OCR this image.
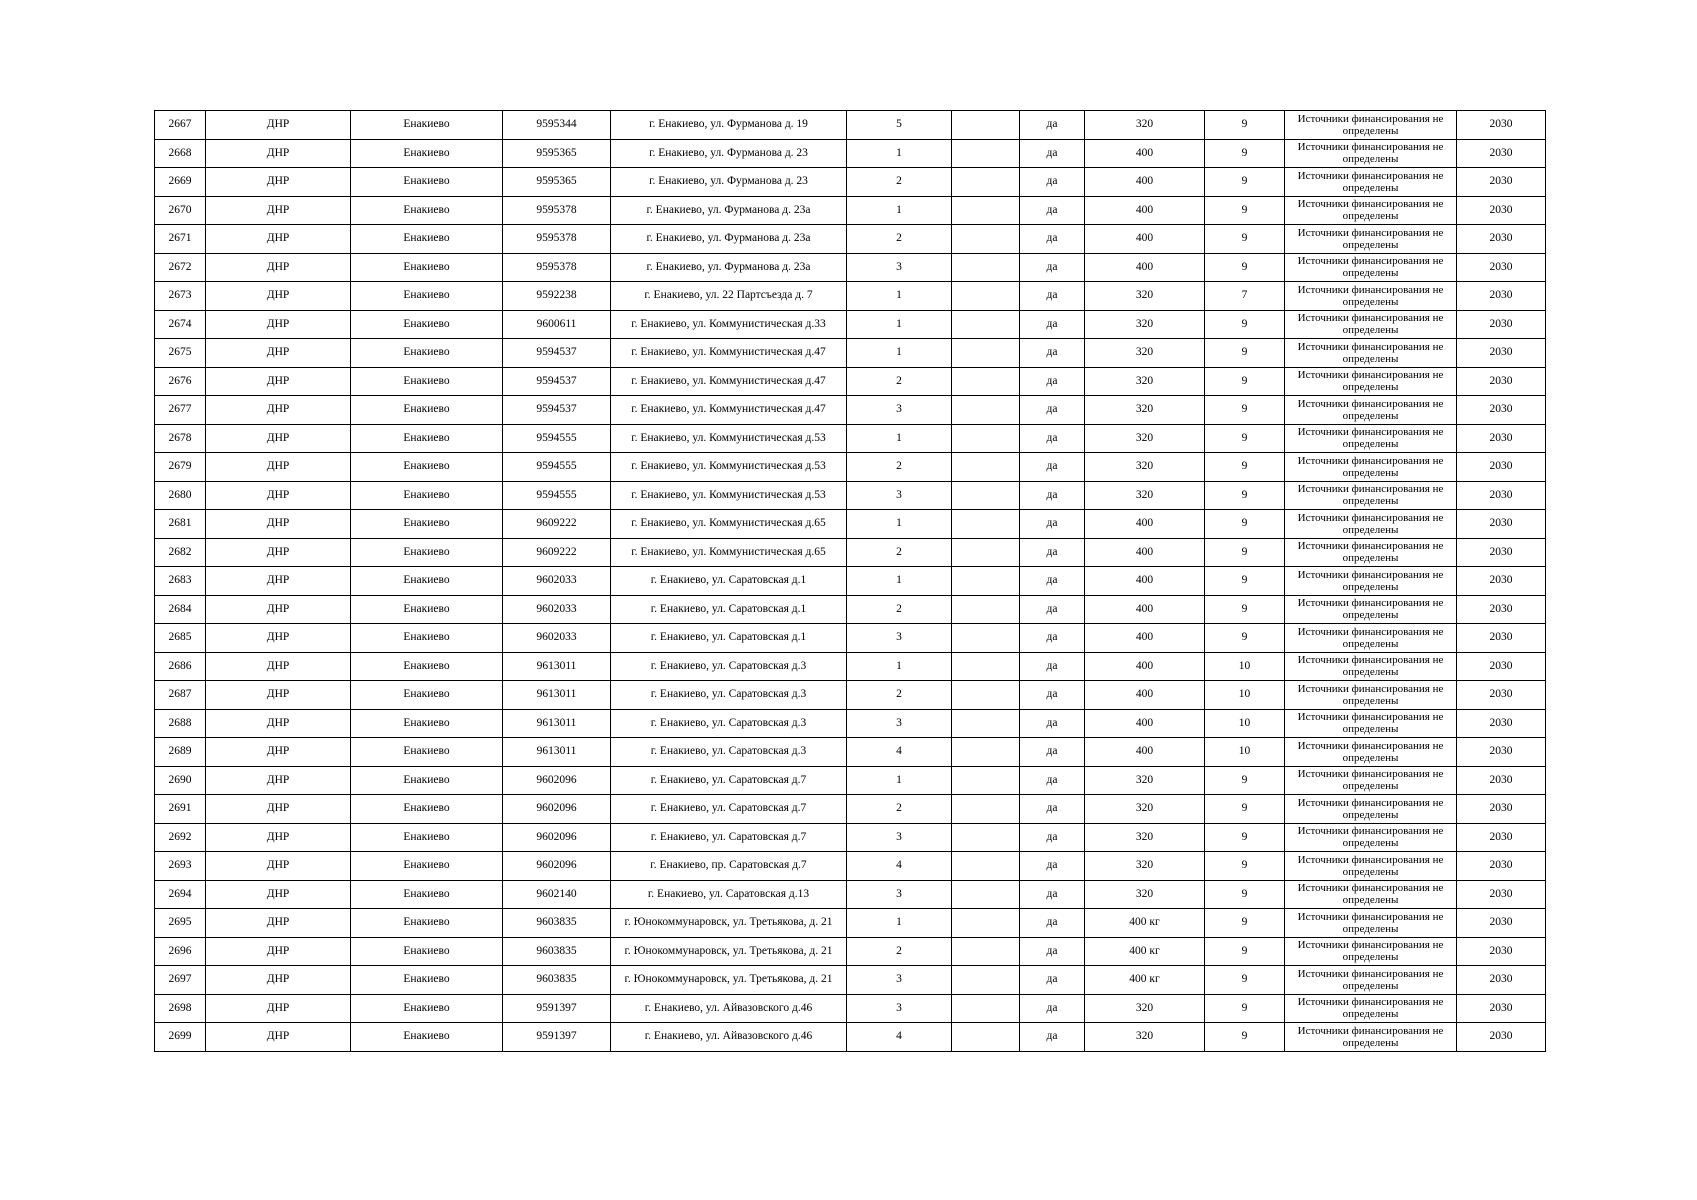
2667	ДНР	Енакиево	9595344	г. Енакиево, ул. Фурманова д. 19	5		да	320	9	Источники финансирования не определены	2030
2668	ДНР	Енакиево	9595365	г. Енакиево, ул. Фурманова д. 23	1		да	400	9	Источники финансирования не определены	2030
2669	ДНР	Енакиево	9595365	г. Енакиево, ул. Фурманова д. 23	2		да	400	9	Источники финансирования не определены	2030
2670	ДНР	Енакиево	9595378	г. Енакиево, ул. Фурманова д. 23а	1		да	400	9	Источники финансирования не определены	2030
2671	ДНР	Енакиево	9595378	г. Енакиево, ул. Фурманова д. 23а	2		да	400	9	Источники финансирования не определены	2030
2672	ДНР	Енакиево	9595378	г. Енакиево, ул. Фурманова д. 23а	3		да	400	9	Источники финансирования не определены	2030
2673	ДНР	Енакиево	9592238	г. Енакиево, ул. 22 Партсъезда д. 7	1		да	320	7	Источники финансирования не определены	2030
2674	ДНР	Енакиево	9600611	г. Енакиево, ул. Коммунистическая д.33	1		да	320	9	Источники финансирования не определены	2030
2675	ДНР	Енакиево	9594537	г. Енакиево, ул. Коммунистическая д.47	1		да	320	9	Источники финансирования не определены	2030
2676	ДНР	Енакиево	9594537	г. Енакиево, ул. Коммунистическая д.47	2		да	320	9	Источники финансирования не определены	2030
2677	ДНР	Енакиево	9594537	г. Енакиево, ул. Коммунистическая д.47	3		да	320	9	Источники финансирования не определены	2030
2678	ДНР	Енакиево	9594555	г. Енакиево, ул. Коммунистическая д.53	1		да	320	9	Источники финансирования не определены	2030
2679	ДНР	Енакиево	9594555	г. Енакиево, ул. Коммунистическая д.53	2		да	320	9	Источники финансирования не определены	2030
2680	ДНР	Енакиево	9594555	г. Енакиево, ул. Коммунистическая д.53	3		да	320	9	Источники финансирования не определены	2030
2681	ДНР	Енакиево	9609222	г. Енакиево, ул. Коммунистическая д.65	1		да	400	9	Источники финансирования не определены	2030
2682	ДНР	Енакиево	9609222	г. Енакиево, ул. Коммунистическая д.65	2		да	400	9	Источники финансирования не определены	2030
2683	ДНР	Енакиево	9602033	г. Енакиево, ул. Саратовская д.1	1		да	400	9	Источники финансирования не определены	2030
2684	ДНР	Енакиево	9602033	г. Енакиево, ул. Саратовская д.1	2		да	400	9	Источники финансирования не определены	2030
2685	ДНР	Енакиево	9602033	г. Енакиево, ул. Саратовская д.1	3		да	400	9	Источники финансирования не определены	2030
2686	ДНР	Енакиево	9613011	г. Енакиево, ул. Саратовская д.3	1		да	400	10	Источники финансирования не определены	2030
2687	ДНР	Енакиево	9613011	г. Енакиево, ул. Саратовская д.3	2		да	400	10	Источники финансирования не определены	2030
2688	ДНР	Енакиево	9613011	г. Енакиево, ул. Саратовская д.3	3		да	400	10	Источники финансирования не определены	2030
2689	ДНР	Енакиево	9613011	г. Енакиево, ул. Саратовская д.3	4		да	400	10	Источники финансирования не определены	2030
2690	ДНР	Енакиево	9602096	г. Енакиево, ул. Саратовская д.7	1		да	320	9	Источники финансирования не определены	2030
2691	ДНР	Енакиево	9602096	г. Енакиево, ул. Саратовская д.7	2		да	320	9	Источники финансирования не определены	2030
2692	ДНР	Енакиево	9602096	г. Енакиево, ул. Саратовская д.7	3		да	320	9	Источники финансирования не определены	2030
2693	ДНР	Енакиево	9602096	г. Енакиево, пр. Саратовская д.7	4		да	320	9	Источники финансирования не определены	2030
2694	ДНР	Енакиево	9602140	г. Енакиево, ул. Саратовская д.13	3		да	320	9	Источники финансирования не определены	2030
2695	ДНР	Енакиево	9603835	г. Юнокоммунаровск, ул. Третьякова, д. 21	1		да	400 кг	9	Источники финансирования не определены	2030
2696	ДНР	Енакиево	9603835	г. Юнокоммунаровск, ул. Третьякова, д. 21	2		да	400 кг	9	Источники финансирования не определены	2030
2697	ДНР	Енакиево	9603835	г. Юнокоммунаровск, ул. Третьякова, д. 21	3		да	400 кг	9	Источники финансирования не определены	2030
2698	ДНР	Енакиево	9591397	г. Енакиево, ул. Айвазовского д.46	3		да	320	9	Источники финансирования не определены	2030
2699	ДНР	Енакиево	9591397	г. Енакиево, ул. Айвазовского д.46	4		да	320	9	Источники финансирования не определены	2030
